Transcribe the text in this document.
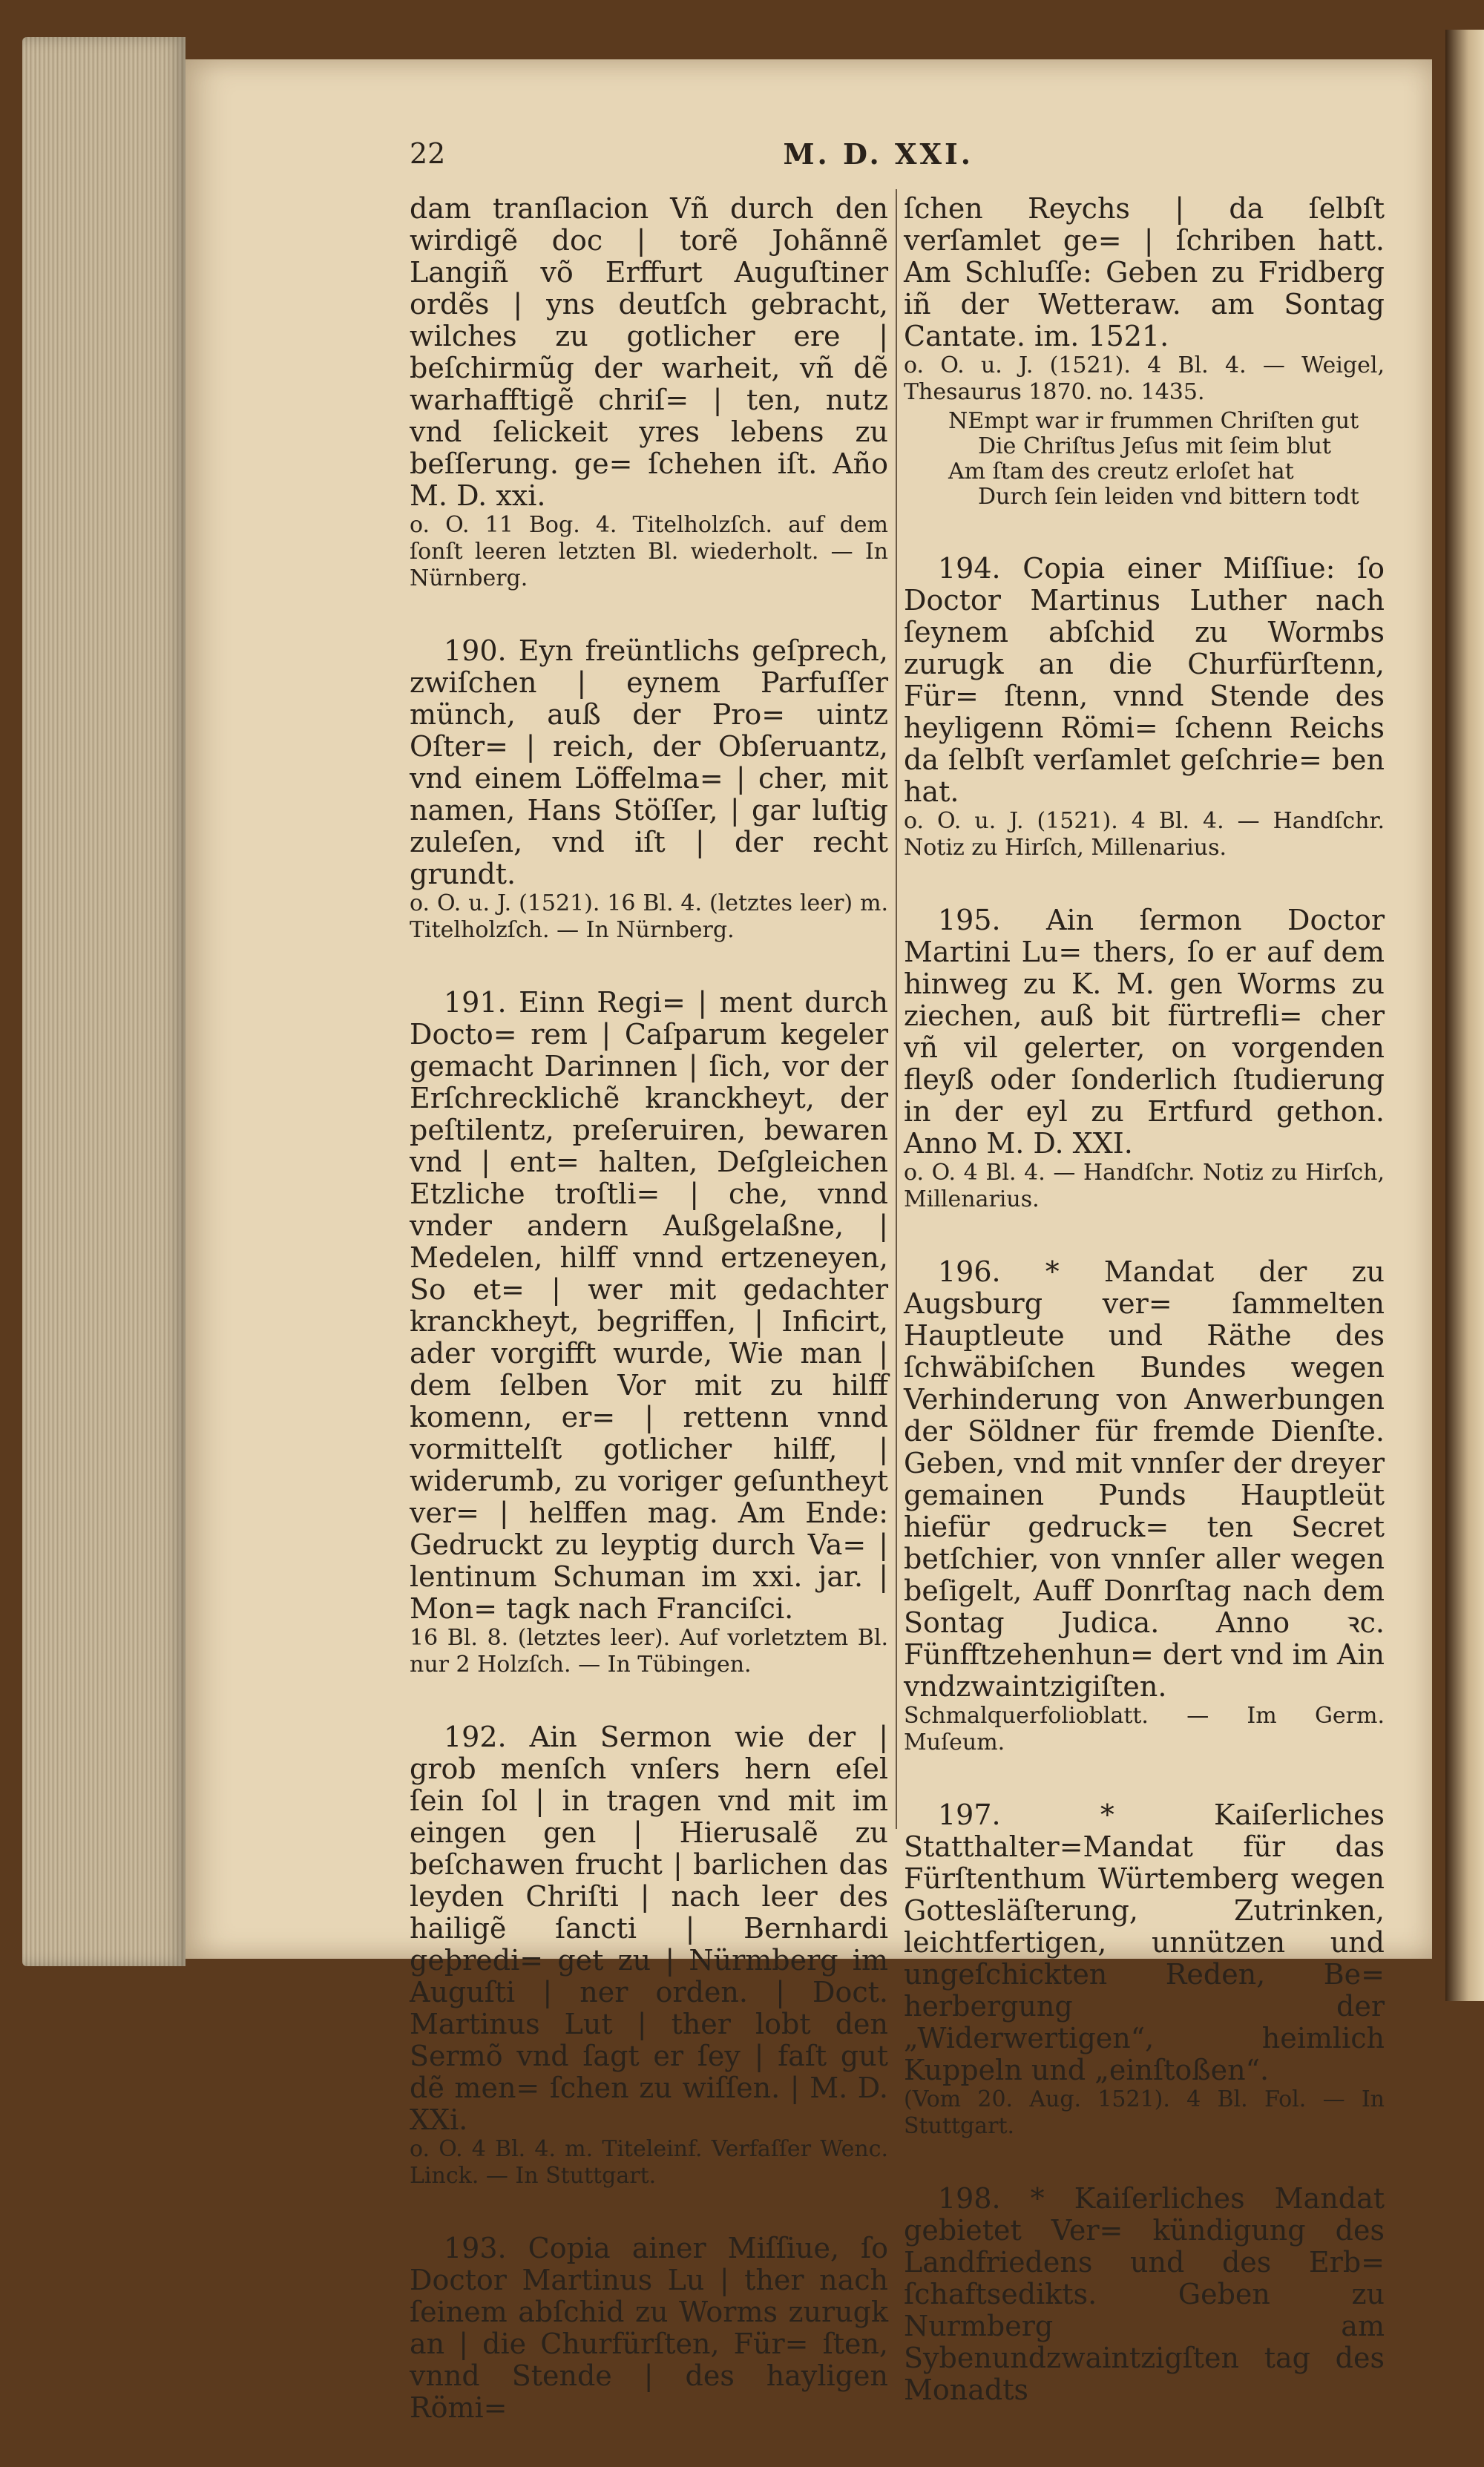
22	M. D. XXI.

dam tranſlacion Vñ durch den wirdigẽ doc | torẽ Johãnnẽ Langiñ võ Erffurt Auguſtiner ordẽs | yns deutſch gebracht, wilches zu gotlicher ere | beſchirmũg der warheit, vñ dẽ warhafftigẽ chriſ= | ten, nutz vnd ſelickeit yres lebens zu beſſerung. ge= ſchehen iſt. Año M. D. xxi.

o. O. 11 Bog. 4. Titelholzſch. auf dem ſonſt leeren letzten Bl. wiederholt. — In Nürnberg.

190. Eyn freüntlichs geſprech, zwiſchen | eynem Parfuſſer münch, auß der Pro= uintz Oſter= | reich, der Obſeruantz, vnd einem Löffelma= | cher, mit namen, Hans Stöſſer, | gar luſtig zuleſen, vnd iſt | der recht grundt.

o. O. u. J. (1521). 16 Bl. 4. (letztes leer) m. Titelholzſch. — In Nürnberg.

191. Einn Regi= | ment durch Docto= rem | Caſparum kegeler gemacht Darinnen | ſich, vor der Erſchrecklichẽ kranckheyt, der peſtilentz, preſeruiren, bewaren vnd | ent= halten, Deſgleichen Etzliche troſtli= | che, vnnd vnder andern Außgelaßne, | Medelen, hilff vnnd ertzeneyen, So et= | wer mit gedachter kranckheyt, begriffen, | Inficirt, ader vorgifft wurde, Wie man | dem ſelben Vor mit zu hilff komenn, er= | rettenn vnnd vormittelſt gotlicher hilff, | widerumb, zu voriger geſuntheyt ver= | helffen mag. Am Ende: Gedruckt zu leyptig durch Va= | lentinum Schuman im xxi. jar. | Mon= tagk nach Franciſci.

16 Bl. 8. (letztes leer). Auf vorletztem Bl. nur 2 Holzſch. — In Tübingen.

192. Ain Sermon wie der | grob menſch vnſers hern eſel ſein ſol | in tragen vnd mit im eingen gen | Hierusalẽ zu beſchawen frucht | barlichen das leyden Chriſti | nach leer des hailigẽ ſancti | Bernhardi geþredi= get zu | Nürmberg im Auguſti | ner orden. | Doct. Martinus Lut | ther lobt den Sermõ vnd ſagt er ſey | faſt gut dẽ men= ſchen zu wiſſen. | M. D. XXi.

o. O. 4 Bl. 4. m. Titeleinf. Verfaſſer Wenc. Linck. — In Stuttgart.

193. Copia ainer Miſſiue, ſo Doctor Martinus Lu | ther nach ſeinem abſchid zu Worms zurugk an | die Churfürſten, Für= ſten, vnnd Stende | des hayligen Römi=

ſchen Reychs | da ſelbſt verſamlet ge= | ſchriben hatt. Am Schluſſe: Geben zu Fridberg iñ der Wetteraw. am Sontag Cantate. im. 1521.

o. O. u. J. (1521). 4 Bl. 4. — Weigel, Thesaurus 1870. no. 1435.

NEmpt war ir frummen Chriſten gut
Die Chriſtus Jeſus mit ſeim blut
Am ſtam des creutz erloſet hat
Durch ſein leiden vnd bittern todt

194. Copia einer Miſſiue: ſo Doctor Martinus Luther nach ſeynem abſchid zu Wormbs zurugk an die Churfürſtenn, Für= ſtenn, vnnd Stende des heyligenn Römi= ſchenn Reichs da ſelbſt verſamlet geſchrie= ben hat.

o. O. u. J. (1521). 4 Bl. 4. — Handſchr. Notiz zu Hirſch, Millenarius.

195. Ain ſermon Doctor Martini Lu= thers, ſo er auf dem hinweg zu K. M. gen Worms zu ziechen, auß bit fürtrefli= cher vñ vil gelerter, on vorgenden fleyß oder ſonderlich ſtudierung in der eyl zu Ertfurd gethon. Anno M. D. XXI.

o. O. 4 Bl. 4. — Handſchr. Notiz zu Hirſch, Millenarius.

196. * Mandat der zu Augsburg ver= ſammelten Hauptleute und Räthe des ſchwäbiſchen Bundes wegen Verhinderung von Anwerbungen der Söldner für fremde Dienſte. Geben, vnd mit vnnſer der dreyer gemainen Punds Hauptleüt hiefür gedruck= ten Secret betſchier, von vnnſer aller wegen beſigelt, Auff Donrſtag nach dem Sontag Judica. Anno ꝛc. Fünfftzehenhun= dert vnd im Ain vndzwaintzigiſten.

Schmalquerfolioblatt. — Im Germ. Muſeum.

197. * Kaiſerliches Statthalter=Mandat für das Fürſtenthum Würtemberg wegen Gottesläſterung, Zutrinken, leichtfertigen, unnützen und ungeſchickten Reden, Be= herbergung der „Widerwertigen“, heimlich Kuppeln und „einſtoßen“.

(Vom 20. Aug. 1521). 4 Bl. Fol. — In Stuttgart.

198. * Kaiſerliches Mandat gebietet Ver= kündigung des Landfriedens und des Erb= ſchaftsedikts. Geben zu Nurmberg am Sybenundzwaintzigſten tag des Monadts
